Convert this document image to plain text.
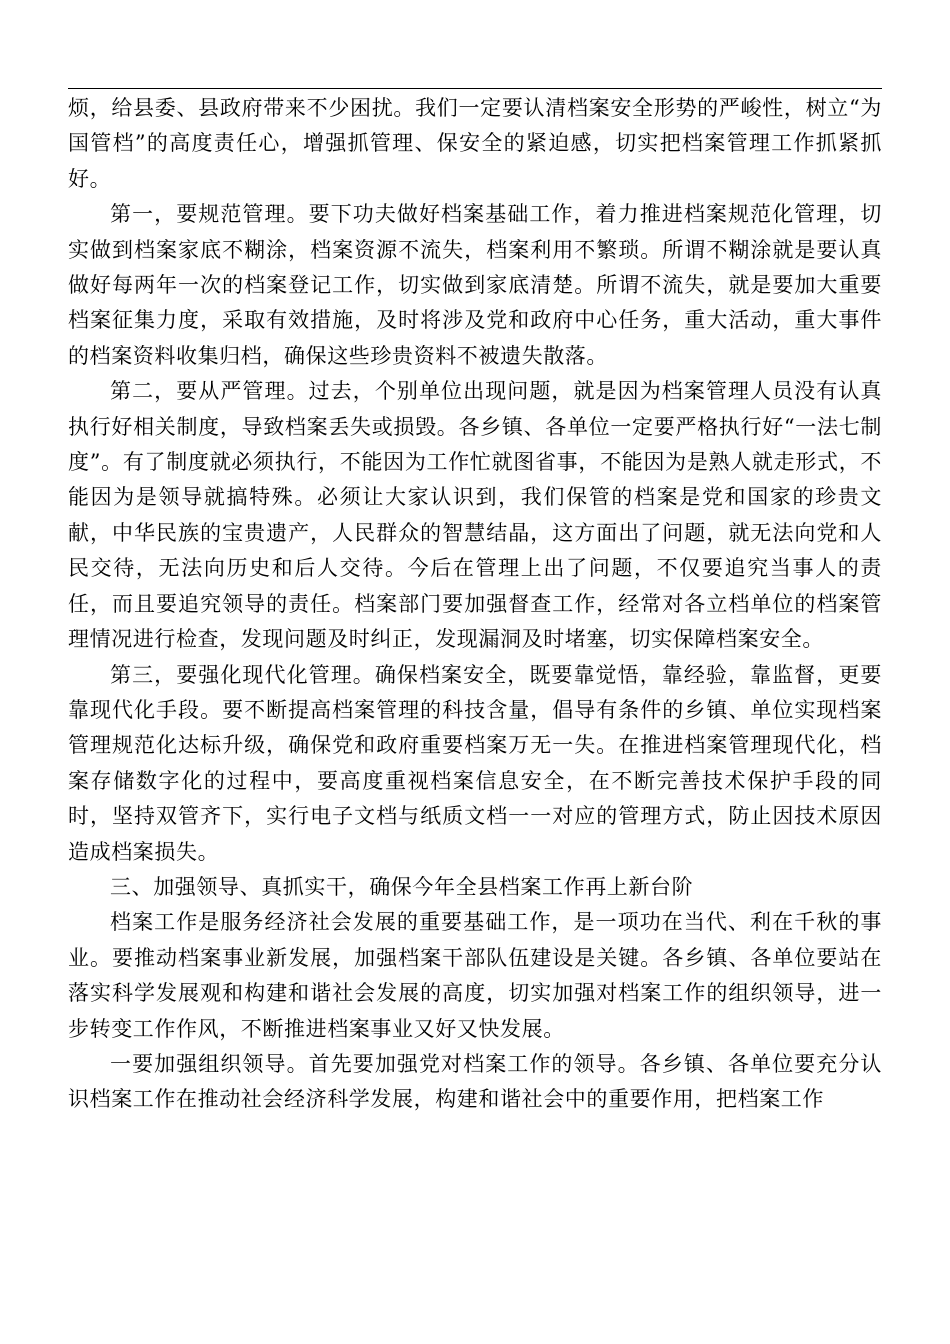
烦，给县委、县政府带来不少困扰。我们一定要认清档案安全形势的严峻性，树立“为国管档”的高度责任心，增强抓管理、保安全的紧迫感，切实把档案管理工作抓紧抓好。

第一，要规范管理。要下功夫做好档案基础工作，着力推进档案规范化管理，切实做到档案家底不糊涂，档案资源不流失，档案利用不繁琐。所谓不糊涂就是要认真做好每两年一次的档案登记工作，切实做到家底清楚。所谓不流失，就是要加大重要档案征集力度，采取有效措施，及时将涉及党和政府中心任务，重大活动，重大事件的档案资料收集归档，确保这些珍贵资料不被遗失散落。

第二，要从严管理。过去，个别单位出现问题，就是因为档案管理人员没有认真执行好相关制度，导致档案丢失或损毁。各乡镇、各单位一定要严格执行好“一法七制度”。有了制度就必须执行，不能因为工作忙就图省事，不能因为是熟人就走形式，不能因为是领导就搞特殊。必须让大家认识到，我们保管的档案是党和国家的珍贵文献，中华民族的宝贵遗产，人民群众的智慧结晶，这方面出了问题，就无法向党和人民交待，无法向历史和后人交待。今后在管理上出了问题，不仅要追究当事人的责任，而且要追究领导的责任。档案部门要加强督查工作，经常对各立档单位的档案管理情况进行检查，发现问题及时纠正，发现漏洞及时堵塞，切实保障档案安全。

第三，要强化现代化管理。确保档案安全，既要靠觉悟，靠经验，靠监督，更要靠现代化手段。要不断提高档案管理的科技含量，倡导有条件的乡镇、单位实现档案管理规范化达标升级，确保党和政府重要档案万无一失。在推进档案管理现代化，档案存储数字化的过程中，要高度重视档案信息安全，在不断完善技术保护手段的同时，坚持双管齐下，实行电子文档与纸质文档一一对应的管理方式，防止因技术原因造成档案损失。

三、加强领导、真抓实干，确保今年全县档案工作再上新台阶

档案工作是服务经济社会发展的重要基础工作，是一项功在当代、利在千秋的事业。要推动档案事业新发展，加强档案干部队伍建设是关键。各乡镇、各单位要站在落实科学发展观和构建和谐社会发展的高度，切实加强对档案工作的组织领导，进一步转变工作作风，不断推进档案事业又好又快发展。

一要加强组织领导。首先要加强党对档案工作的领导。各乡镇、各单位要充分认识档案工作在推动社会经济科学发展，构建和谐社会中的重要作用，把档案工作
